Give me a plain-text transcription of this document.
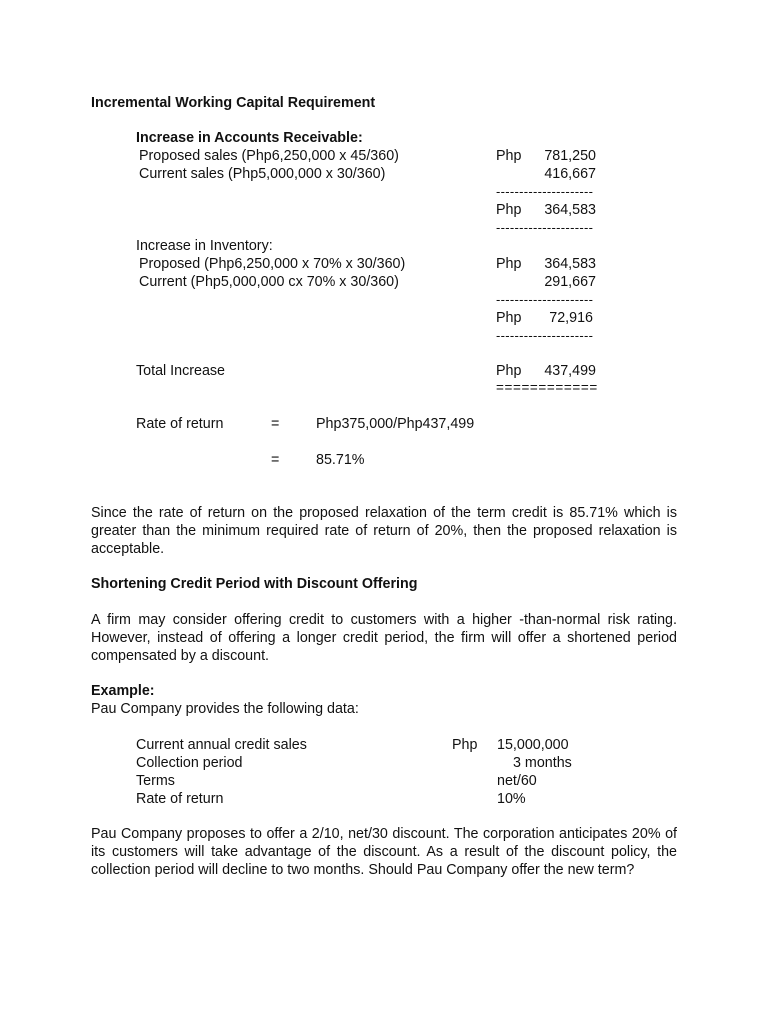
Incremental Working Capital Requirement
Increase in Accounts Receivable:
Proposed sales (Php6,250,000 x 45/360)	Php	781,250
Current sales (Php5,000,000 x 30/360)	416,667
---------------------
Php	364,583
---------------------
Increase in Inventory:
Proposed (Php6,250,000 x 70% x 30/360)	Php	364,583
Current (Php5,000,000 cx 70% x 30/360)	291,667
---------------------
Php	72,916
---------------------
Total Increase	Php	437,499
============
Rate of return	=	Php375,000/Php437,499
=	85.71%
Since the rate of return on the proposed relaxation of the term credit is 85.71% which is greater than the minimum required rate of return of 20%, then the proposed relaxation is acceptable.
Shortening Credit Period with Discount Offering
A firm may consider offering credit to customers with a higher -than-normal risk rating. However, instead of offering a longer credit period, the firm will offer a shortened period compensated by a discount.
Example:
Pau Company provides the following data:
Current annual credit sales	Php 15,000,000
Collection period	3 months
Terms	net/60
Rate of return	10%
Pau Company proposes to offer a 2/10, net/30 discount. The corporation anticipates 20% of its customers will take advantage of the discount. As a result of the discount policy, the collection period will decline to two months. Should Pau Company offer the new term?
